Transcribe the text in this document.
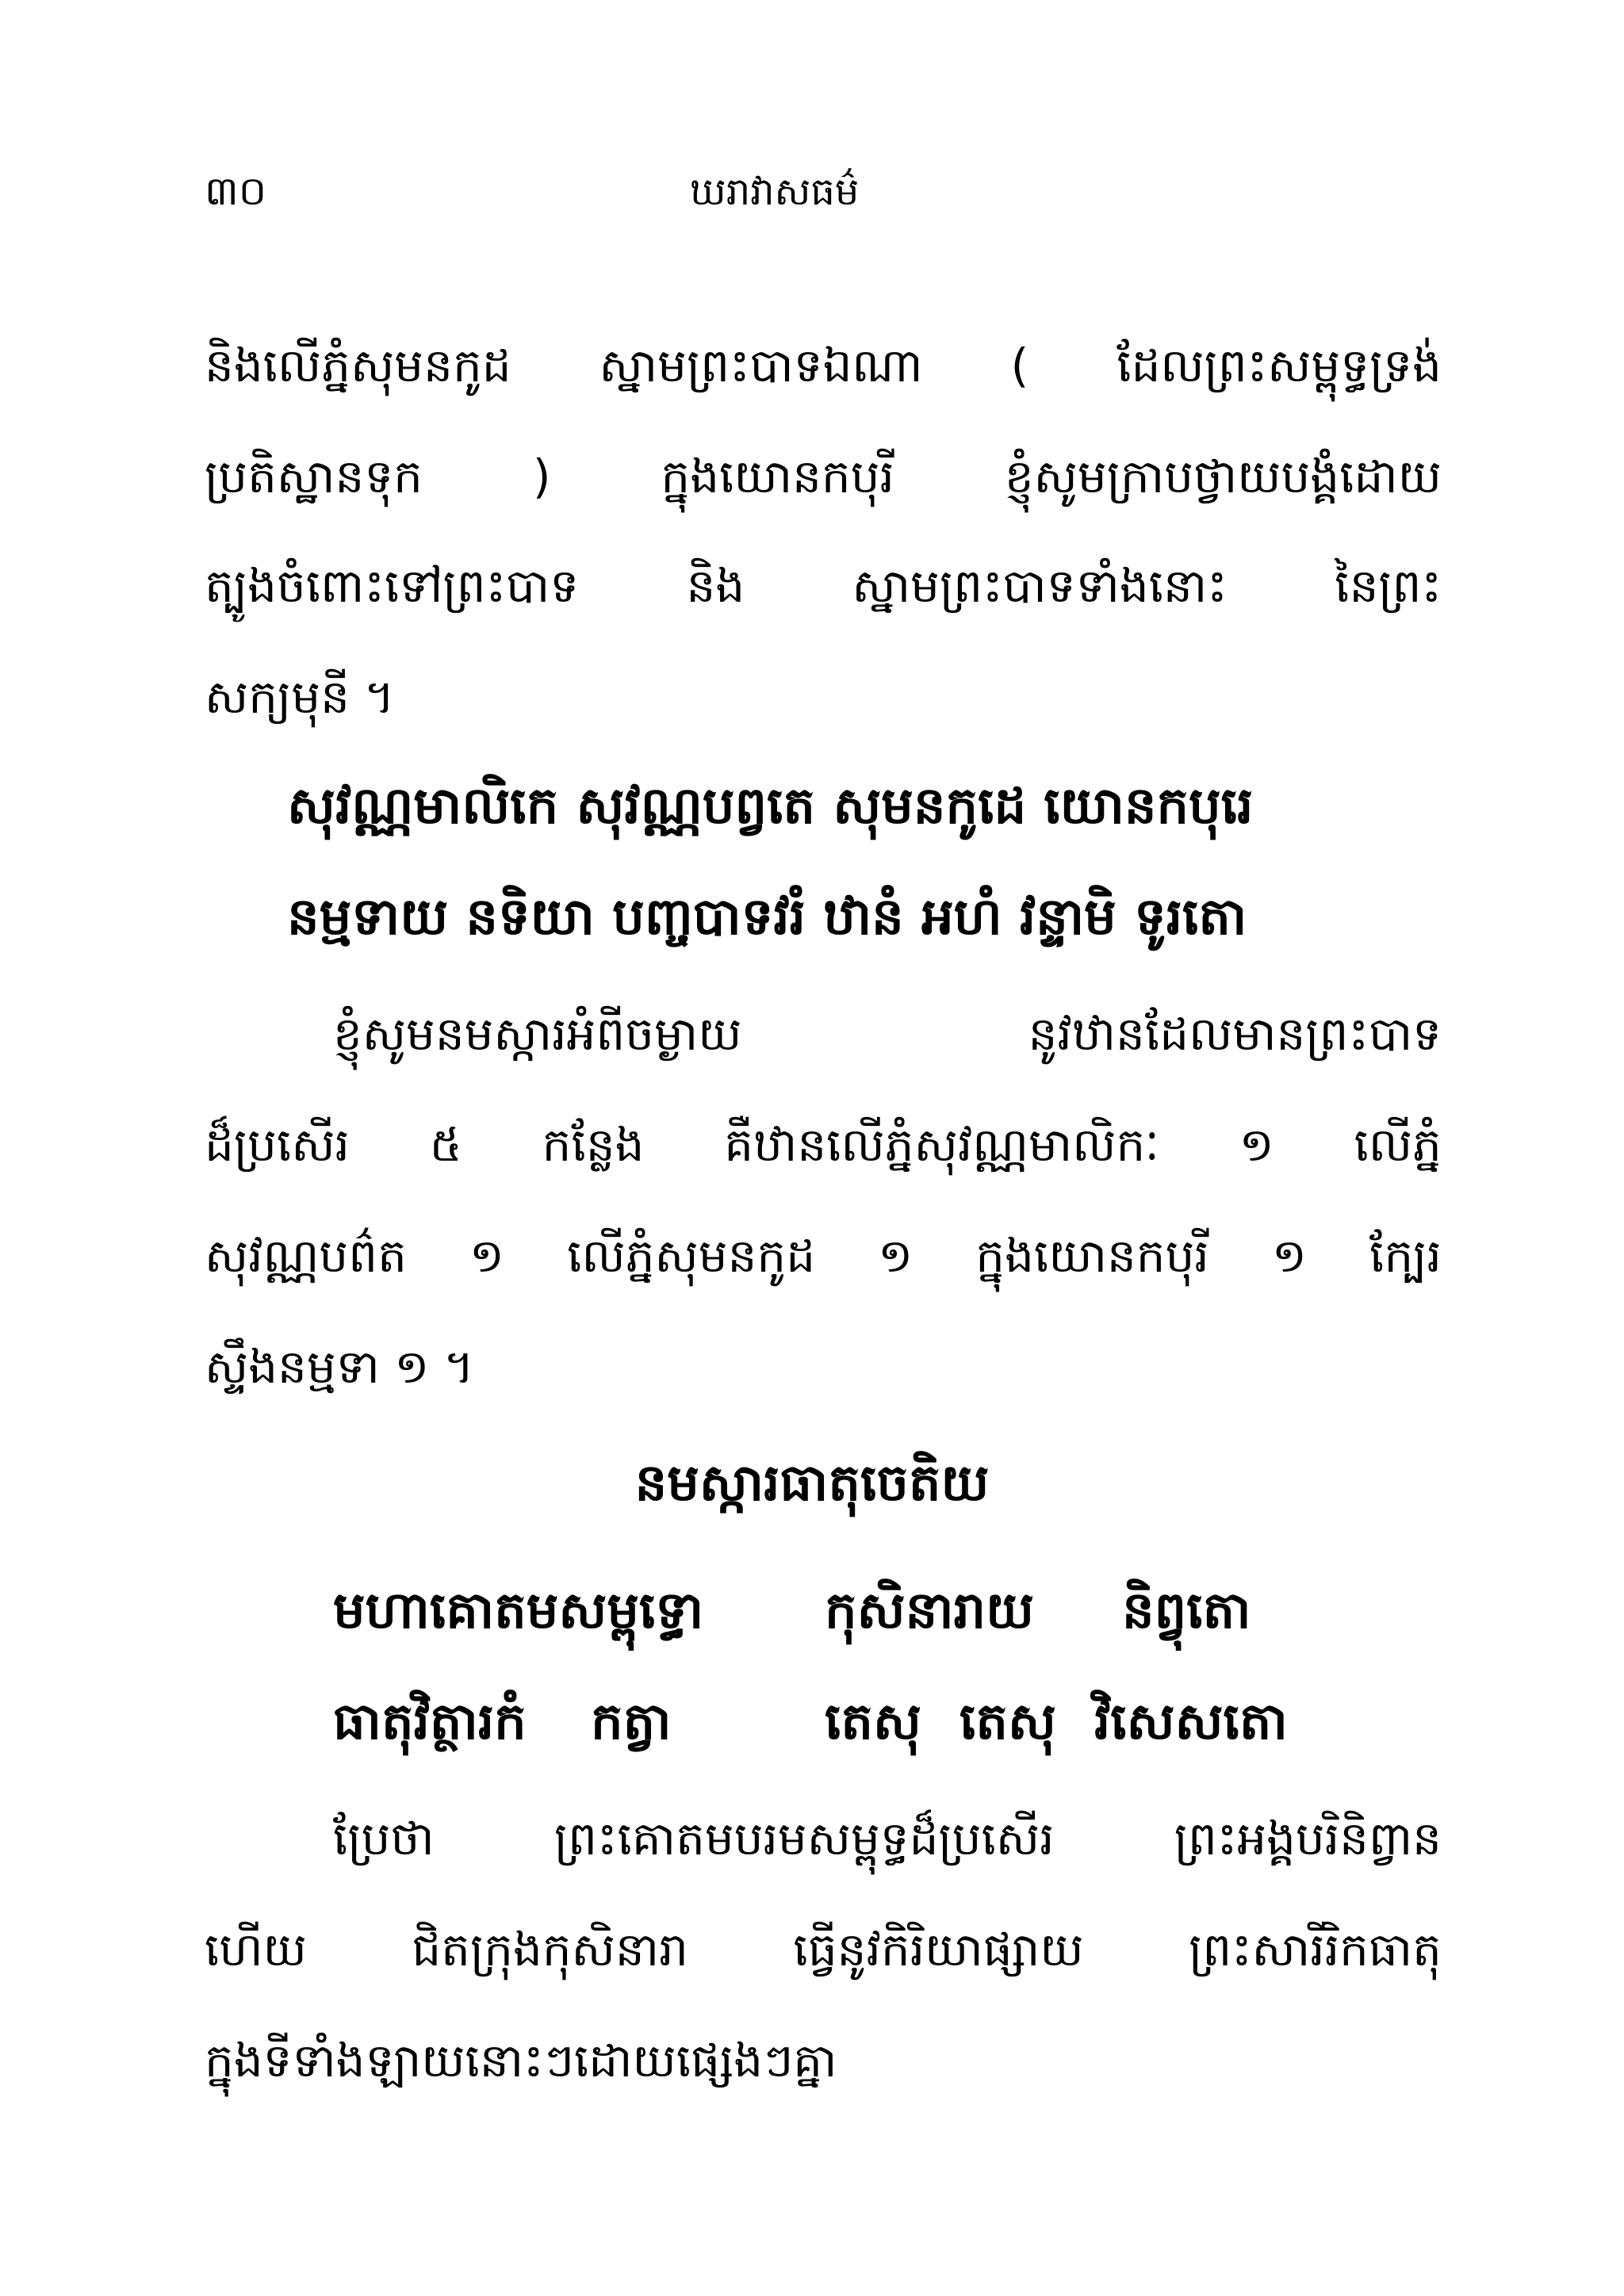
៣០	ឃរាវាសធម៌
និងលើភ្នំសុមនកូដ ស្នាមព្រះបាទឯណា ( ដែលព្រះសម្ពុទ្ធទ្រង់
ប្រតិស្ឋានទុក ) ក្នុងយោនកបុរី ខ្ញុំសូមក្រាបថ្វាយបង្គំដោយ
ត្បូងចំពោះទៅព្រះបាទ និង ស្នាមព្រះបាទទាំងនោះ នៃព្រះ
សក្យមុនី ។
សុវណ្ណមាលិកេ សុវណ្ណបព្វតេ សុមនកូដេ យោនកបុរេ
នម្មទាយ នទិយា បញ្ចបាទវរំ ឋានំ អហំ វន្ទាមិ ទូរតោ
ខ្ញុំសូមនមស្ការអំពីចម្ងាយ	នូវឋានដែលមានព្រះបាទ
ដ៏ប្រសើរ ៥ កន្លែង គឺឋានលើភ្នំសុវណ្ណមាលិកៈ ១ លើភ្នំ
សុវណ្ណបព៌ត ១ លើភ្នំសុមនកូដ ១ ក្នុងយោនកបុរី ១ ក្បែរ
ស្ទឹងនម្មទា ១ ។
នមស្ការធាតុចេតិយ
មហាគោតមសម្ពុទ្ធោ កុសិនារាយ និព្វុតោ
ធាតុវិត្ថារកំ កត្វា	តេសុ តេសុ វិសេសតោ
ប្រែថា	ព្រះគោតមបរមសម្ពុទ្ធដ៏ប្រសើរ	ព្រះអង្គបរិនិព្វាន
ហើយ ជិតក្រុងកុសិនារា ធ្វើនូវកិរិយាផ្សាយ ព្រះសារីរិកធាតុ
ក្នុងទីទាំងឡាយនោះៗដោយផ្សេងៗគ្នា
